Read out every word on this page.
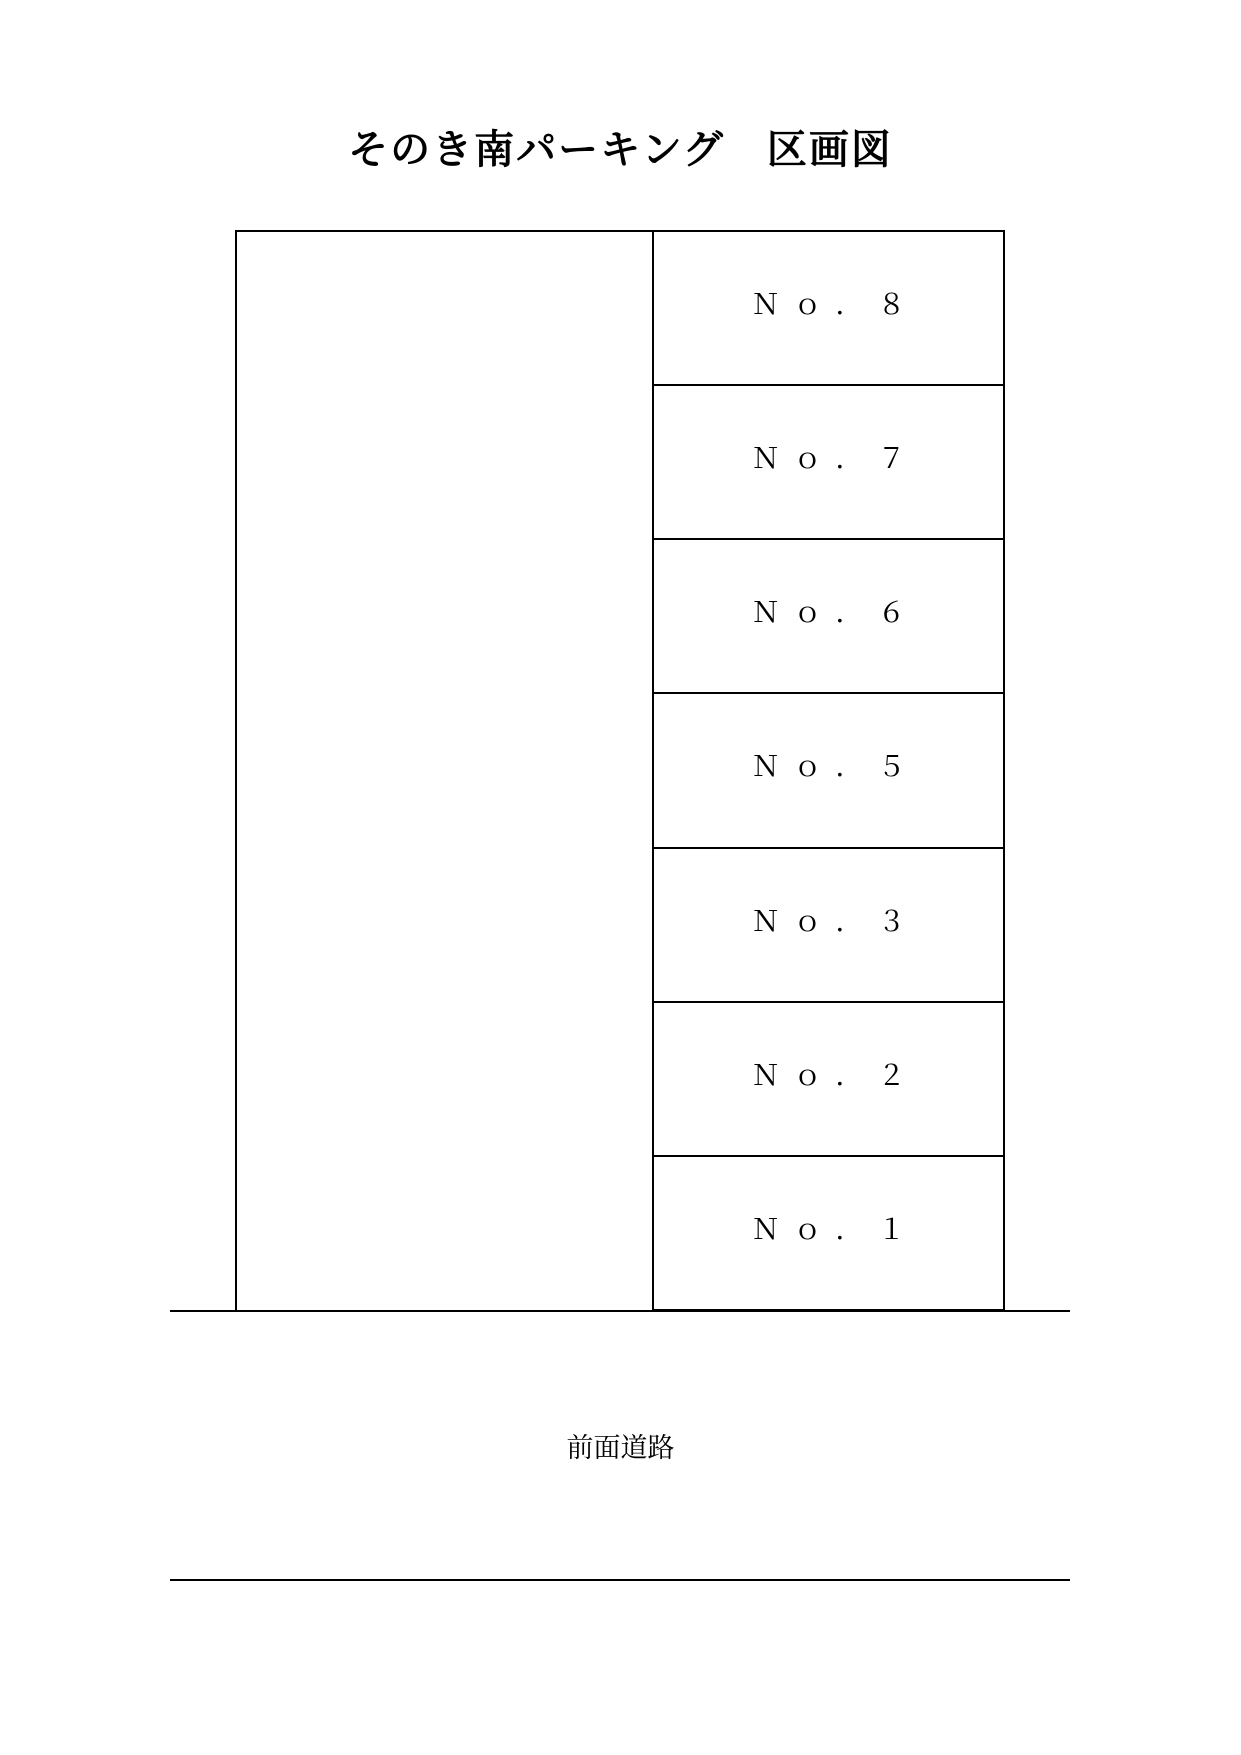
そのき南パーキング　区画図
Ｎｏ．８
Ｎｏ．７
Ｎｏ．６
Ｎｏ．５
Ｎｏ．３
Ｎｏ．２
Ｎｏ．１
前面道路
